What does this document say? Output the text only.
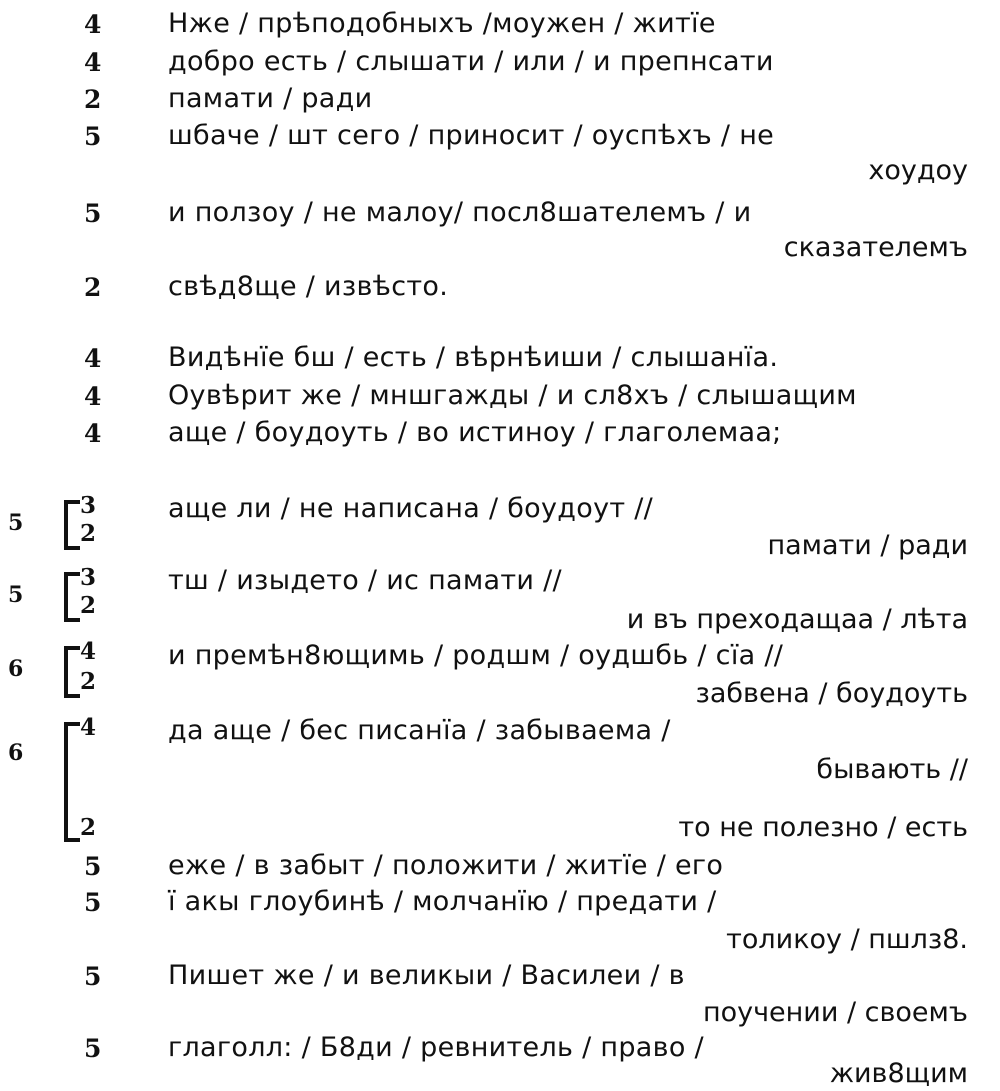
4 Нже / прѣподобныхъ /моужен / житїе
4 добро есть / слышати / или / и препнсати
2 памати / ради
5 шбаче / шт сего / приносит / оуспѣхъ / не
хоудоу
5 и ползоу / не малоу/ посл8шателемъ / и
сказателемъ
2 свѣд8ще / извѣсто.
4 Видѣнїе бш / есть / вѣрнѣиши / слышанїа.
4 Оувѣрит же / мншгажды / и сл8хъ / слышащим
4 аще / боудоуть / во истиноу / глаголемаа;
5
3
2
аще ли / не написана / боудоут //
памати / ради
5
3
2
тш / изыдето / ис памати //
и въ преходащаа / лѣта
6
4
2
и премѣн8ющимь / родшм / оудшбь / сїа //
забвена / боудоуть
6
4
2
да аще / бес писанїа / забываема /
бывають //
то не полезно / есть
5 еже / в забыт / положити / житїе / его
5 ї акы глоубинѣ / молчанїю / предати /
толикоу / пшлз8.
5 Пишет же / и великыи / Василеи / в
поучении / своемъ
5 глаголл: / Б8ди / ревнитель / право /
жив8щим
